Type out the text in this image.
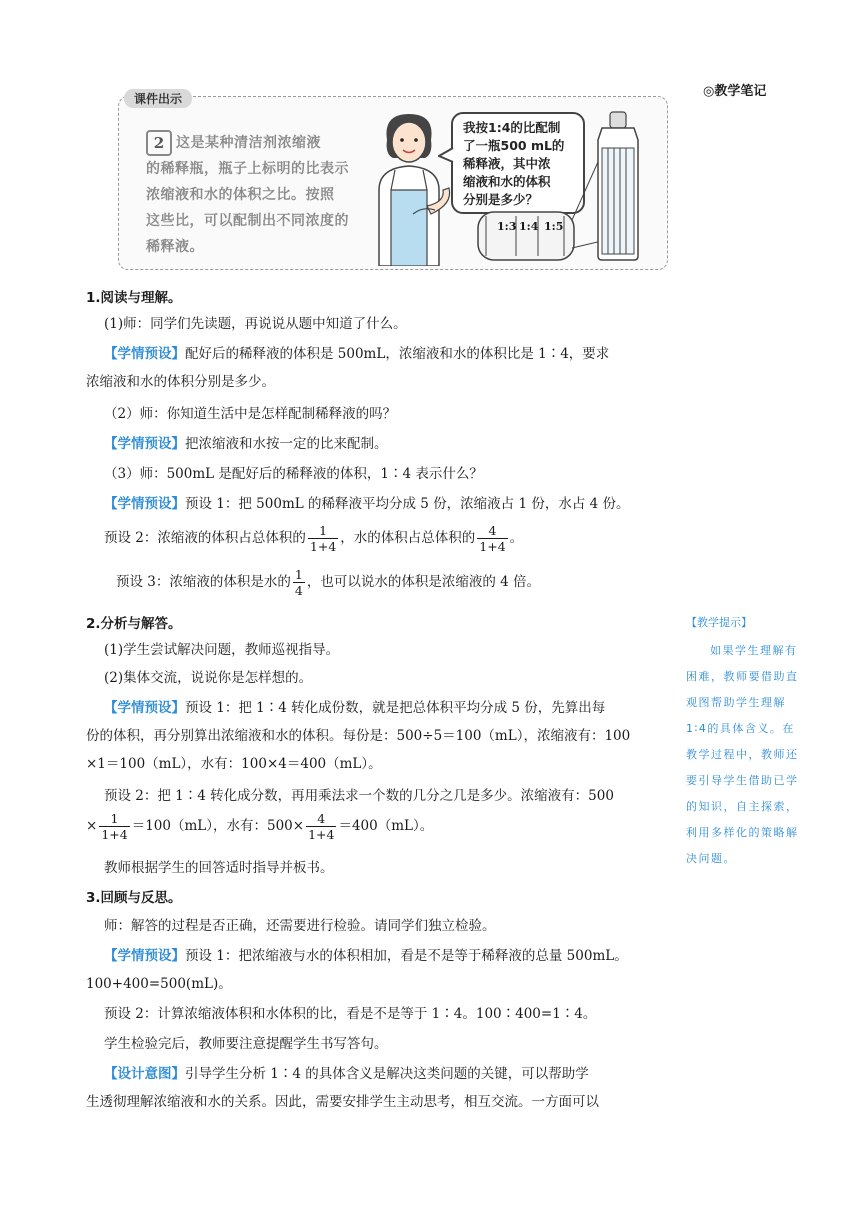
◎教学笔记
课件出示
2 这是某种清洁剂浓缩液
的稀释瓶，瓶子上标明的比表示
浓缩液和水的体积之比。按照
这些比，可以配制出不同浓度的
稀释液。
我按1:4的比配制
了一瓶500 mL的
稀释液，其中浓
缩液和水的体积
分别是多少？
1:3 1:4 1:5
1.阅读与理解。
(1)师：同学们先读题，再说说从题中知道了什么。
【学情预设】配好后的稀释液的体积是 500mL，浓缩液和水的体积比是 1∶4，要求
浓缩液和水的体积分别是多少。
（2）师：你知道生活中是怎样配制稀释液的吗？
【学情预设】把浓缩液和水按一定的比来配制。
（3）师：500mL 是配好后的稀释液的体积，1∶4 表示什么？
【学情预设】预设 1：把 500mL 的稀释液平均分成 5 份，浓缩液占 1 份，水占 4 份。
预设 2：浓缩液的体积占总体积的 $\frac{1}{1+4}$ ，水的体积占总体积的 $\frac{4}{1+4}$ 。
预设 3：浓缩液的体积是水的 $\frac{1}{4}$ ，也可以说水的体积是浓缩液的 4 倍。
2.分析与解答。
(1)学生尝试解决问题，教师巡视指导。
(2)集体交流，说说你是怎样想的。
【学情预设】预设 1：把 1∶4 转化成份数，就是把总体积平均分成 5 份，先算出每
份的体积，再分别算出浓缩液和水的体积。每份是：500÷5＝100（mL），浓缩液有：100
×1＝100（mL），水有：100×4＝400（mL）。
预设 2：把 1∶4 转化成分数，再用乘法求一个数的几分之几是多少。浓缩液有：500
× $\frac{1}{1+4} =100(mL)$，水有：$500\times \frac{4}{1+4} =400(mL)$。
教师根据学生的回答适时指导并板书。
3.回顾与反思。
师：解答的过程是否正确，还需要进行检验。请同学们独立检验。
【学情预设】预设 1：把浓缩液与水的体积相加，看是不是等于稀释液的总量 500mL。
100+400=500(mL)。
预设 2：计算浓缩液体积和水体积的比，看是不是等于 1∶4。100∶400=1∶4。
学生检验完后，教师要注意提醒学生书写答句。
【设计意图】引导学生分析 1∶4 的具体含义是解决这类问题的关键，可以帮助学
生透彻理解浓缩液和水的关系。因此，需要安排学生主动思考，相互交流。一方面可以
【教学提示】
如果学生理解有
困难，教师要借助直
观图帮助学生理解
1∶4的具体含义。在
教学过程中，教师还
要引导学生借助已学
的知识，自主探索，
利用多样化的策略解
决问题。
